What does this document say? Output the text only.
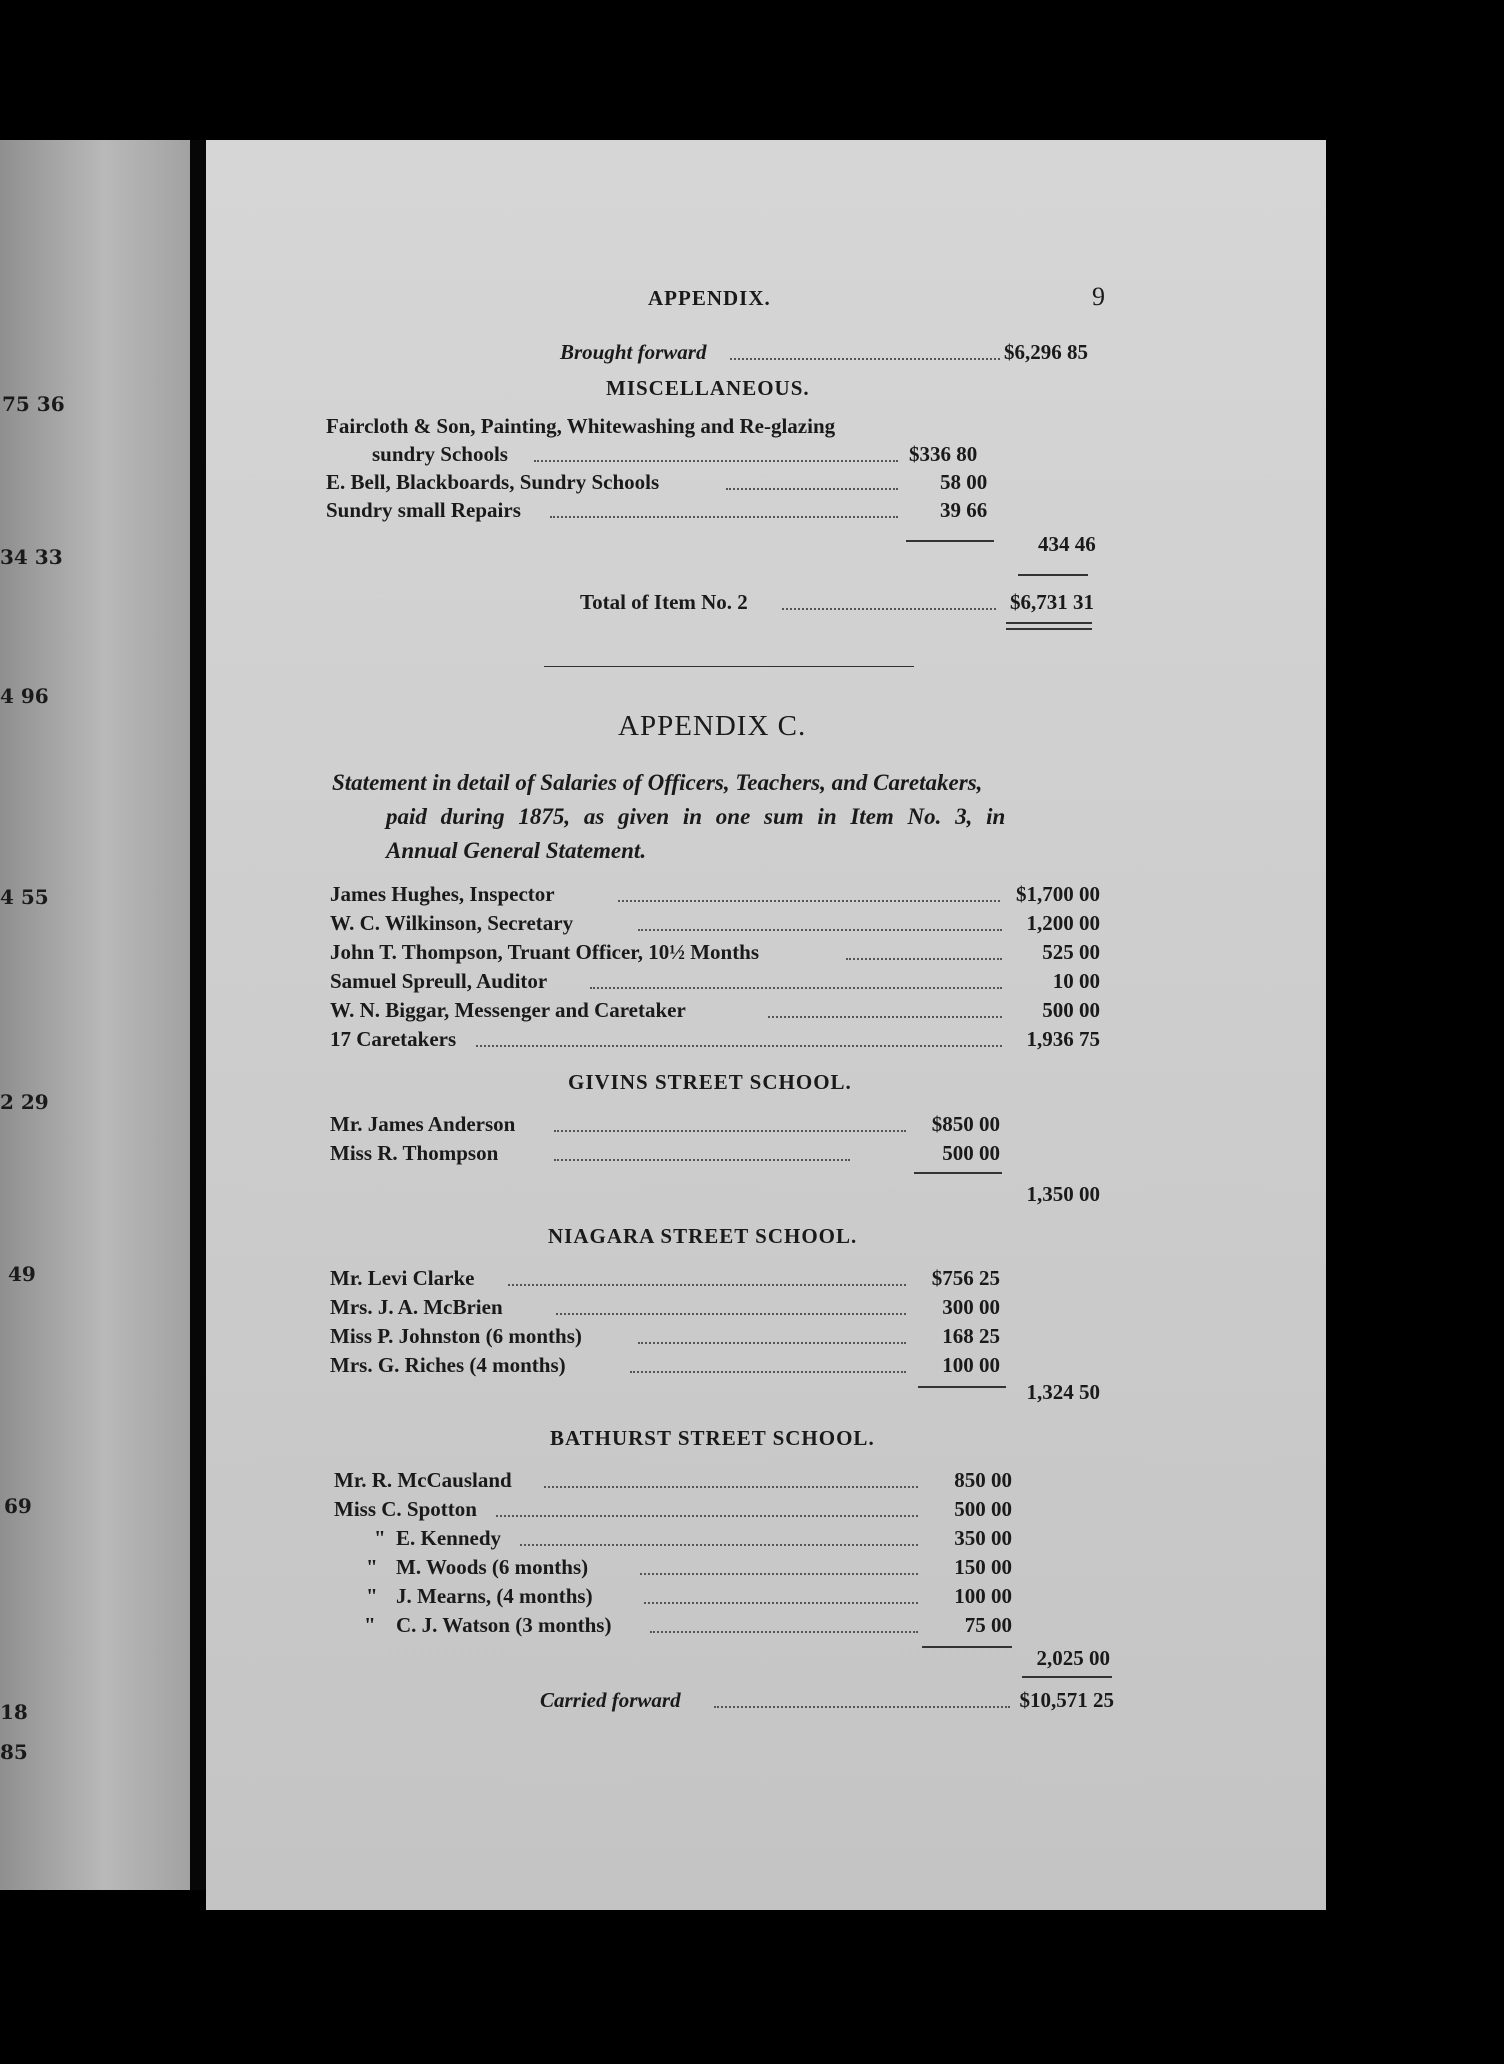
75 36
34 33
4 96
4 55
2 29
49
69
18
85
APPENDIX.	9
Brought forward	$6,296 85
MISCELLANEOUS.
Faircloth & Son, Painting, Whitewashing and Re-glazing
sundry Schools	$336 80
E. Bell, Blackboards, Sundry Schools	58 00
Sundry small Repairs	39 66
434 46
Total of Item No. 2	$6,731 31
APPENDIX C.
Statement in detail of Salaries of Officers, Teachers, and Caretakers,
paid during 1875, as given in one sum in Item No. 3, in
Annual General Statement.
James Hughes, Inspector	$1,700 00
W. C. Wilkinson, Secretary	1,200 00
John T. Thompson, Truant Officer, 10½ Months	525 00
Samuel Spreull, Auditor	10 00
W. N. Biggar, Messenger and Caretaker	500 00
17 Caretakers	1,936 75
GIVINS STREET SCHOOL.
Mr. James Anderson	$850 00
Miss R. Thompson	500 00
1,350 00
NIAGARA STREET SCHOOL.
Mr. Levi Clarke	$756 25
Mrs. J. A. McBrien	300 00
Miss P. Johnston (6 months)	168 25
Mrs. G. Riches (4 months)	100 00
1,324 50
BATHURST STREET SCHOOL.
Mr. R. McCausland	850 00
Miss C. Spotton	500 00
" E. Kennedy	350 00
" M. Woods (6 months)	150 00
" J. Mearns, (4 months)	100 00
" C. J. Watson (3 months)	75 00
2,025 00
Carried forward	$10,571 25
